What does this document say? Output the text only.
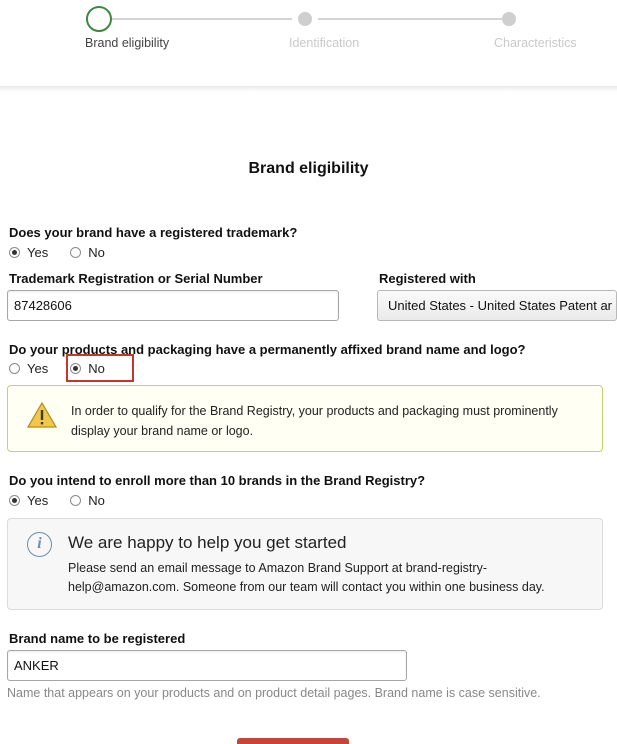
Brand eligibility	Identification	Characteristics
Brand eligibility
Does your brand have a registered trademark?
Yes	No
Trademark Registration or Serial Number
87428606
Registered with
United States - United States Patent ar
Do your products and packaging have a permanently affixed brand name and logo?
Yes	No
In order to qualify for the Brand Registry, your products and packaging must prominently display your brand name or logo.
Do you intend to enroll more than 10 brands in the Brand Registry?
Yes	No
i	We are happy to help you get started
Please send an email message to Amazon Brand Support at brand-registry-help@amazon.com. Someone from our team will contact you within one business day.
Brand name to be registered
ANKER
Name that appears on your products and on product detail pages. Brand name is case sensitive.
